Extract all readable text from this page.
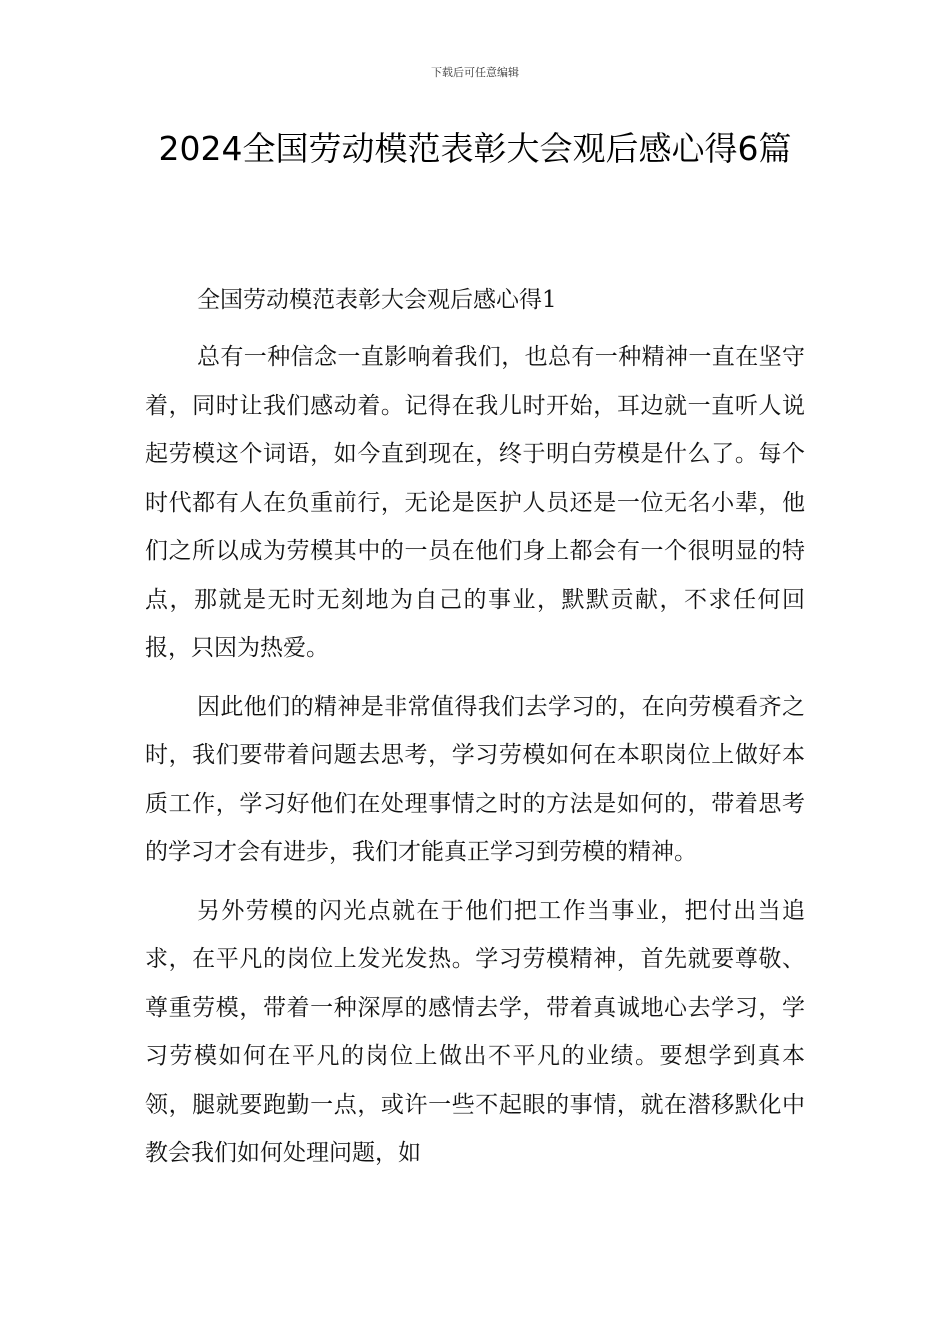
下载后可任意编辑
2024全国劳动模范表彰大会观后感心得6篇

全国劳动模范表彰大会观后感心得1

总有一种信念一直影响着我们，也总有一种精神一直在坚守着，同时让我们感动着。记得在我儿时开始，耳边就一直听人说起劳模这个词语，如今直到现在，终于明白劳模是什么了。每个时代都有人在负重前行，无论是医护人员还是一位无名小辈，他们之所以成为劳模其中的一员在他们身上都会有一个很明显的特点，那就是无时无刻地为自己的事业，默默贡献，不求任何回报，只因为热爱。

因此他们的精神是非常值得我们去学习的，在向劳模看齐之时，我们要带着问题去思考，学习劳模如何在本职岗位上做好本质工作，学习好他们在处理事情之时的方法是如何的，带着思考的学习才会有进步，我们才能真正学习到劳模的精神。

另外劳模的闪光点就在于他们把工作当事业，把付出当追求，在平凡的岗位上发光发热。学习劳模精神，首先就要尊敬、尊重劳模，带着一种深厚的感情去学，带着真诚地心去学习，学习劳模如何在平凡的岗位上做出不平凡的业绩。要想学到真本领，腿就要跑勤一点，或许一些不起眼的事情，就在潜移默化中教会我们如何处理问题，如
